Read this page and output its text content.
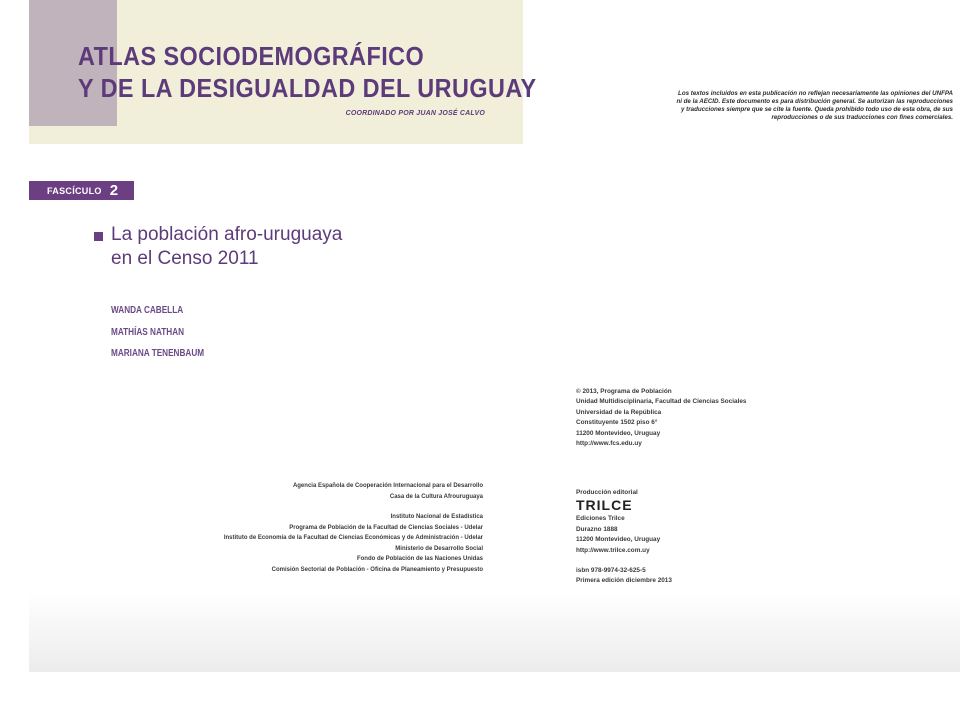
ATLAS SOCIODEMOGRÁFICO
Y DE LA DESIGUALDAD DEL URUGUAY
COORDINADO POR JUAN JOSÉ CALVO
Los textos incluidos en esta publicación no reflejan necesariamente las opiniones del UNFPA
ni de la AECID. Este documento es para distribución general. Se autorizan las reproducciones
y traducciones siempre que se cite la fuente. Queda prohibido todo uso de esta obra, de sus
reproducciones o de sus traducciones con fines comerciales.
FASCÍCULO 2
La población afro-uruguaya
en el Censo 2011
WANDA CABELLA
MATHÍAS NATHAN
MARIANA TENENBAUM
© 2013, Programa de Población
Unidad Multidisciplinaria, Facultad de Ciencias Sociales
Universidad de la República
Constituyente 1502 piso 6°
11200 Montevideo, Uruguay
http://www.fcs.edu.uy
Agencia Española de Cooperación Internacional para el Desarrollo
Casa de la Cultura Afrouruguaya
Instituto Nacional de Estadística
Programa de Población de la Facultad de Ciencias Sociales - Udelar
Instituto de Economía de la Facultad de Ciencias Económicas y de Administración - Udelar
Ministerio de Desarrollo Social
Fondo de Población de las Naciones Unidas
Comisión Sectorial de Población - Oficina de Planeamiento y Presupuesto
Producción editorial
TRILCE
Ediciones Trilce
Durazno 1888
11200 Montevideo, Uruguay
http://www.trilce.com.uy
isbn 978-9974-32-625-5
Primera edición diciembre 2013
